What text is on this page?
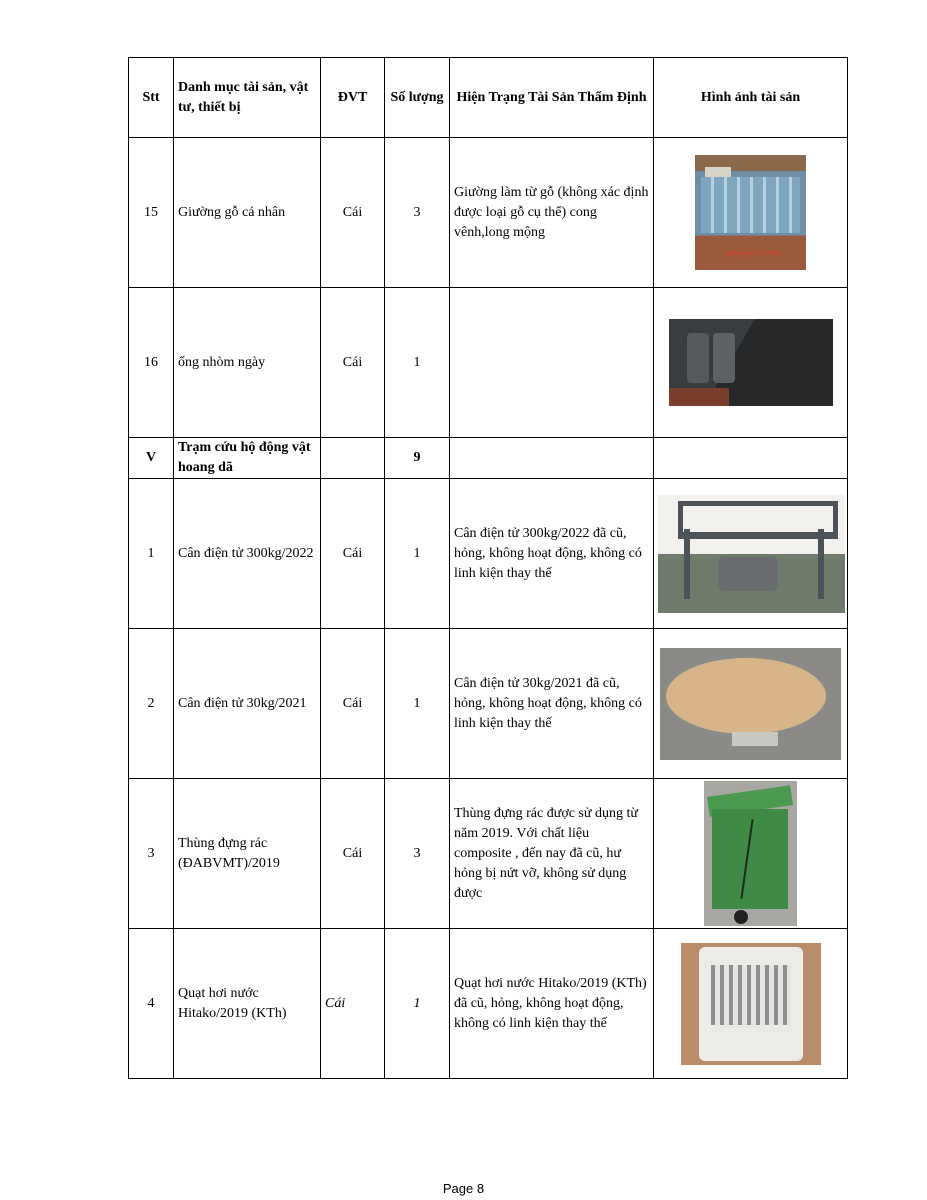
Stt	Danh mục tài sản, vật tư, thiết bị	ĐVT	Số lượng	Hiện Trạng Tài Sản Thẩm Định	Hình ảnh tài sản
15	Giường gỗ cá nhân	Cái	3	Giường làm từ gỗ (không xác định được loại gỗ cụ thể) cong vênh,long mộng	giường gỗ cá nhân

16	ống nhòm ngày	Cái	1		

V	Trạm cứu hộ động vật hoang dã		9		
1	Cân điện tử 300kg/2022	Cái	1	Cân điện tử 300kg/2022 đã cũ, hỏng, không hoạt động, không có linh kiện thay thế	

2	Cân điện tử 30kg/2021	Cái	1	Cân điện tử 30kg/2021 đã cũ, hỏng, không hoạt động, không có linh kiện thay thế	

3	Thùng đựng rác (ĐABVMT)/2019	Cái	3	Thùng đựng rác được sử dụng từ năm 2019. Với chất liệu composite , đến nay đã cũ, hư hỏng bị nứt vỡ, không sử dụng được	

4	Quạt hơi nước Hitako/2019 (KTh)	Cái	1	Quạt hơi nước Hitako/2019 (KTh) đã cũ, hỏng, không hoạt động, không có linh kiện thay thế	
Page 8
